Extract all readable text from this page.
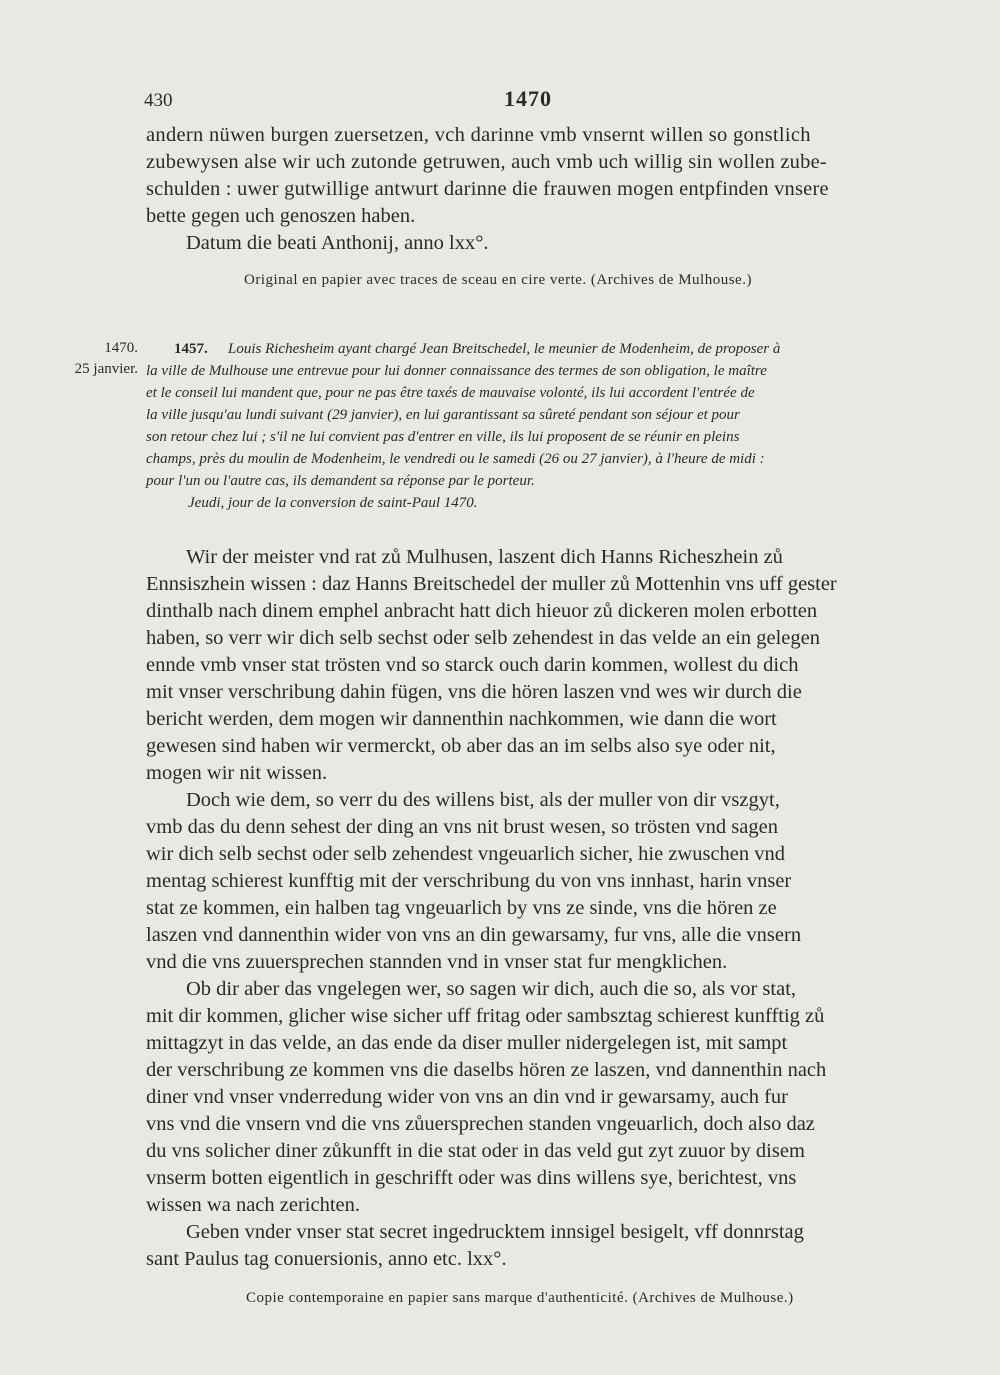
430	1470
andern nüwen burgen zuersetzen, vch darinne vmb vnsernt willen so gonstlich
zubewysen alse wir uch zutonde getruwen, auch vmb uch willig sin wollen zube-
schulden : uwer gutwillige antwurt darinne die frauwen mogen entpfinden vnsere
bette gegen uch genoszen haben.
Datum die beati Anthonij, anno lxx°.
Original en papier avec traces de sceau en cire verte. (Archives de Mulhouse.)
1470.
25 janvier.
1457. Louis Richesheim ayant chargé Jean Breitschedel, le meunier de Modenheim, de proposer à
la ville de Mulhouse une entrevue pour lui donner connaissance des termes de son obligation, le maître
et le conseil lui mandent que, pour ne pas être taxés de mauvaise volonté, ils lui accordent l'entrée de
la ville jusqu'au lundi suivant (29 janvier), en lui garantissant sa sûreté pendant son séjour et pour
son retour chez lui ; s'il ne lui convient pas d'entrer en ville, ils lui proposent de se réunir en pleins
champs, près du moulin de Modenheim, le vendredi ou le samedi (26 ou 27 janvier), à l'heure de midi :
pour l'un ou l'autre cas, ils demandent sa réponse par le porteur.
Jeudi, jour de la conversion de saint-Paul 1470.
Wir der meister vnd rat zů Mulhusen, laszent dich Hanns Richeszhein zů
Ennsiszhein wissen : daz Hanns Breitschedel der muller zů Mottenhin vns uff gester
dinthalb nach dinem emphel anbracht hatt dich hieuor zů dickeren molen erbotten
haben, so verr wir dich selb sechst oder selb zehendest in das velde an ein gelegen
ennde vmb vnser stat trösten vnd so starck ouch darin kommen, wollest du dich
mit vnser verschribung dahin fügen, vns die hören laszen vnd wes wir durch die
bericht werden, dem mogen wir dannenthin nachkommen, wie dann die wort
gewesen sind haben wir vermerckt, ob aber das an im selbs also sye oder nit,
mogen wir nit wissen.
Doch wie dem, so verr du des willens bist, als der muller von dir vszgyt,
vmb das du denn sehest der ding an vns nit brust wesen, so trösten vnd sagen
wir dich selb sechst oder selb zehendest vngeuarlich sicher, hie zwuschen vnd
mentag schierest kunfftig mit der verschribung du von vns innhast, harin vnser
stat ze kommen, ein halben tag vngeuarlich by vns ze sinde, vns die hören ze
laszen vnd dannenthin wider von vns an din gewarsamy, fur vns, alle die vnsern
vnd die vns zuuersprechen stannden vnd in vnser stat fur mengklichen.
Ob dir aber das vngelegen wer, so sagen wir dich, auch die so, als vor stat,
mit dir kommen, glicher wise sicher uff fritag oder sambsztag schierest kunfftig zů
mittagzyt in das velde, an das ende da diser muller nidergelegen ist, mit sampt
der verschribung ze kommen vns die daselbs hören ze laszen, vnd dannenthin nach
diner vnd vnser vnderredung wider von vns an din vnd ir gewarsamy, auch fur
vns vnd die vnsern vnd die vns zůuersprechen standen vngeuarlich, doch also daz
du vns solicher diner zůkunfft in die stat oder in das veld gut zyt zuuor by disem
vnserm botten eigentlich in geschrifft oder was dins willens sye, berichtest, vns
wissen wa nach zerichten.
Geben vnder vnser stat secret ingedrucktem innsigel besigelt, vff donnrstag
sant Paulus tag conuersionis, anno etc. lxx°.
Copie contemporaine en papier sans marque d'authenticité. (Archives de Mulhouse.)
